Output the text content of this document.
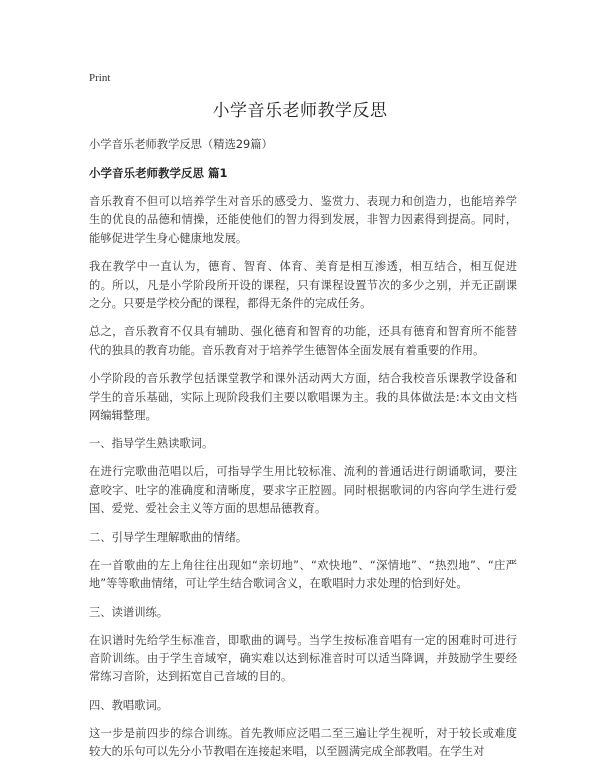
Print
小学音乐老师教学反思

小学音乐老师教学反思（精选29篇）

小学音乐老师教学反思 篇1

音乐教育不但可以培养学生对音乐的感受力、鉴赏力、表现力和创造力，也能培养学生的优良的品德和情操，还能使他们的智力得到发展，非智力因素得到提高。同时，能够促进学生身心健康地发展。

我在教学中一直认为，德育、智育、体育、美育是相互渗透，相互结合，相互促进的。所以，凡是小学阶段所开设的课程，只有课程设置节次的多少之别，并无正副课之分。只要是学校分配的课程，都得无条件的完成任务。

总之，音乐教育不仅具有辅助、强化德育和智育的功能，还具有德育和智育所不能替代的独具的教育功能。音乐教育对于培养学生德智体全面发展有着重要的作用。

小学阶段的音乐教学包括课堂教学和课外活动两大方面，结合我校音乐课教学设备和学生的音乐基础，实际上现阶段我们主要以歌唱课为主。我的具体做法是:本文由文档网编辑整理。

一、指导学生熟读歌词。

在进行完歌曲范唱以后，可指导学生用比较标准、流利的普通话进行朗诵歌词，要注意咬字、吐字的准确度和清晰度，要求字正腔圆。同时根据歌词的内容向学生进行爱国、爱党、爱社会主义等方面的思想品德教育。

二、引导学生理解歌曲的情绪。

在一首歌曲的左上角往往出现如“亲切地”、“欢快地”、“深情地”、“热烈地”、“庄严地”等等歌曲情绪，可让学生结合歌词含义，在歌唱时力求处理的恰到好处。

三、读谱训练。

在识谱时先给学生标准音，即歌曲的调号。当学生按标准音唱有一定的困难时可进行音阶训练。由于学生音域窄，确实难以达到标准音时可以适当降调，并鼓励学生要经常练习音阶，达到拓宽自己音域的目的。

四、教唱歌词。

这一步是前四步的综合训练。首先教师应泛唱二至三遍让学生视听，对于较长或难度较大的乐句可以先分小节教唱在连接起来唱，以至圆满完成全部教唱。在学生对
